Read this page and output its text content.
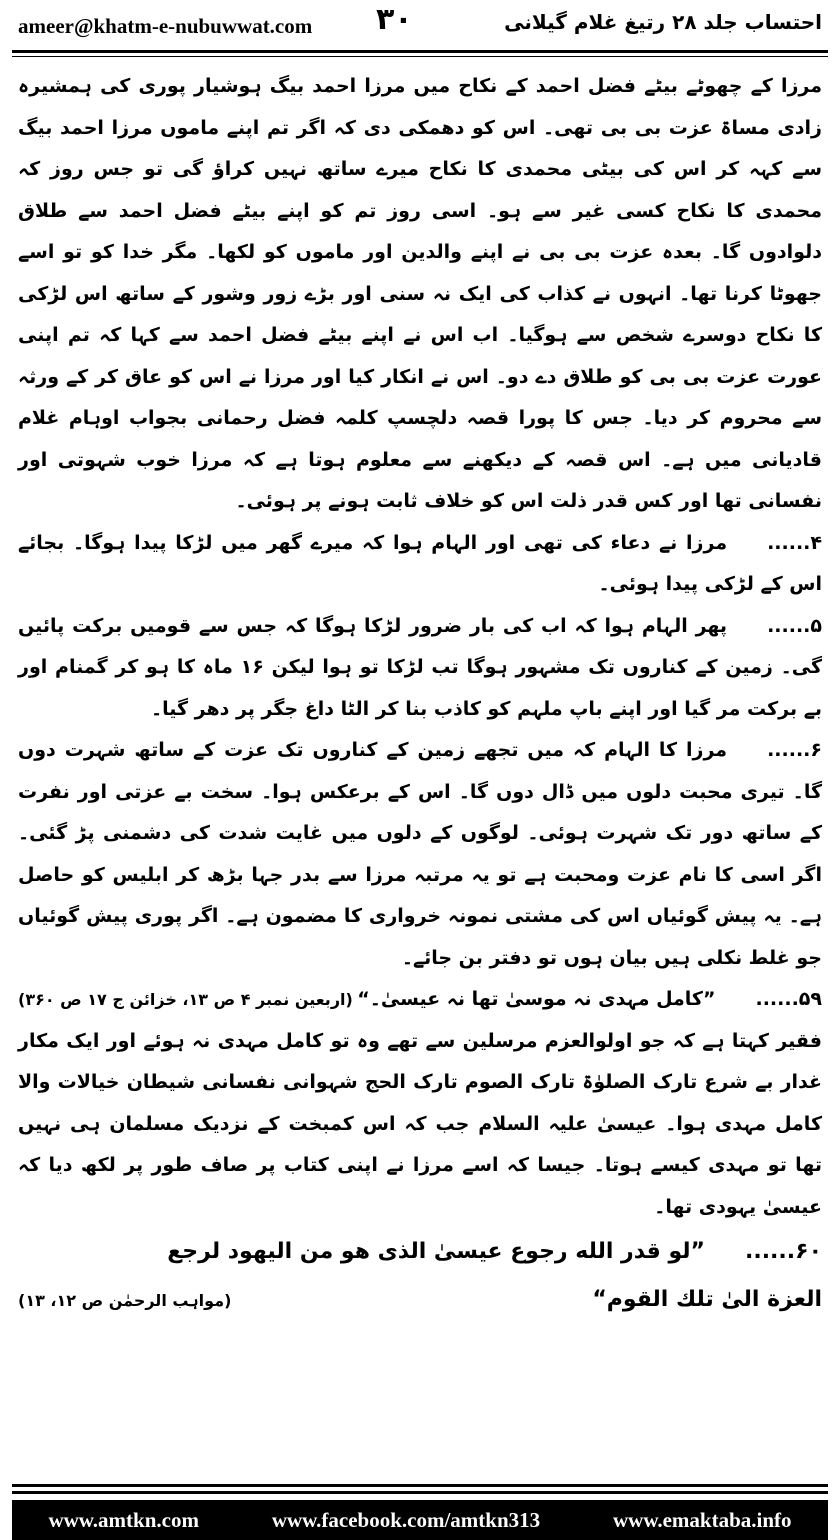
ameer@khatm-e-nubuwwat.com ۳۰	احتساب جلد ۲۸ رتیغ غلام گیلانی

مرزا کے چھوٹے بیٹے فضل احمد کے نکاح میں مرزا احمد بیگ ہوشیار پوری کی ہمشیرہ زادی مساۃ عزت بی بی تھی۔ اس کو دھمکی دی کہ اگر تم اپنے ماموں مرزا احمد بیگ سے کہہ کر اس کی بیٹی محمدی کا نکاح میرے ساتھ نہیں کراؤ گی تو جس روز کہ محمدی کا نکاح کسی غیر سے ہو۔ اسی روز تم کو اپنے بیٹے فضل احمد سے طلاق دلوادوں گا۔ بعدہ عزت بی بی نے اپنے والدین اور ماموں کو لکھا۔ مگر خدا کو تو اسے جھوٹا کرنا تھا۔ انہوں نے کذاب کی ایک نہ سنی اور بڑے زور وشور کے ساتھ اس لڑکی کا نکاح دوسرے شخص سے ہوگیا۔ اب اس نے اپنے بیٹے فضل احمد سے کہا کہ تم اپنی عورت عزت بی بی کو طلاق دے دو۔ اس نے انکار کیا اور مرزا نے اس کو عاق کر کے ورثہ سے محروم کر دیا۔ جس کا پورا قصہ دلچسپ کلمہ فضل رحمانی بجواب اوہام غلام قادیانی میں ہے۔ اس قصہ کے دیکھنے سے معلوم ہوتا ہے کہ مرزا خوب شہوتی اور نفسانی تھا اور کس قدر ذلت اس کو خلاف ثابت ہونے پر ہوئی۔

۴......مرزا نے دعاء کی تھی اور الہام ہوا کہ میرے گھر میں لڑکا پیدا ہوگا۔ بجائے اس کے لڑکی پیدا ہوئی۔

۵......پھر الہام ہوا کہ اب کی بار ضرور لڑکا ہوگا کہ جس سے قومیں برکت پائیں گی۔ زمین کے کناروں تک مشہور ہوگا تب لڑکا تو ہوا لیکن ۱۶ ماہ کا ہو کر گمنام اور بے برکت مر گیا اور اپنے باپ ملہم کو کاذب بنا کر الٹا داغ جگر پر دھر گیا۔

۶......مرزا کا الہام کہ میں تجھے زمین کے کناروں تک عزت کے ساتھ شہرت دوں گا۔ تیری محبت دلوں میں ڈال دوں گا۔ اس کے برعکس ہوا۔ سخت بے عزتی اور نفرت کے ساتھ دور تک شہرت ہوئی۔ لوگوں کے دلوں میں غایت شدت کی دشمنی پڑ گئی۔ اگر اسی کا نام عزت ومحبت ہے تو یہ مرتبہ مرزا سے بدر جہا بڑھ کر ابلیس کو حاصل ہے۔ یہ پیش گوئیاں اس کی مشتی نمونہ خرواری کا مضمون ہے۔ اگر پوری پیش گوئیاں جو غلط نکلی ہیں بیان ہوں تو دفتر بن جائے۔

۵۹......”کامل مہدی نہ موسیٰ تھا نہ عیسیٰ۔“
(اربعین نمبر ۴ ص ۱۳، خزائن ج ۱۷ ص ۳۶۰)

فقیر کہتا ہے کہ جو اولوالعزم مرسلین سے تھے وہ تو کامل مہدی نہ ہوئے اور ایک مکار غدار بے شرع تارک الصلوٰۃ تارک الصوم تارک الحج شہوانی نفسانی شیطان خیالات والا کامل مہدی ہوا۔ عیسیٰ علیہ السلام جب کہ اس کمبخت کے نزدیک مسلمان ہی نہیں تھا تو مہدی کیسے ہوتا۔ جیسا کہ اسے مرزا نے اپنی کتاب پر صاف طور پر لکھ دیا کہ عیسیٰ یہودی تھا۔

۶۰......”لو قدر الله رجوع عیسىٰ الذی هو من الیهود لرجع

العزة الىٰ تلك القوم“
(مواہب الرحمٰن ص ۱۲، ۱۳)

www.amtkn.com	www.facebook.com/amtkn313	www.emaktaba.info
